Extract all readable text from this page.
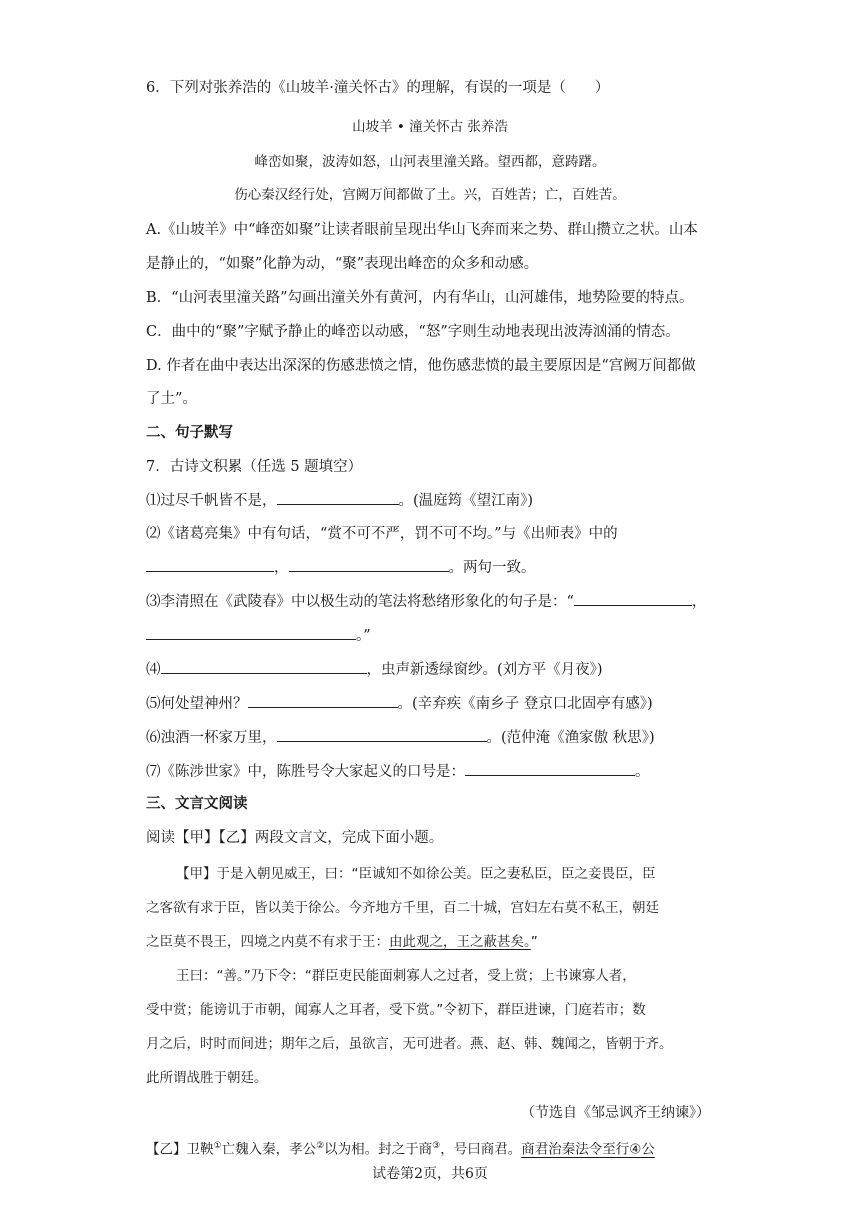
6．下列对张养浩的《山坡羊·潼关怀古》的理解，有误的一项是（　　）
山坡羊 • 潼关怀古 张养浩
峰峦如聚，波涛如怒，山河表里潼关路。望西都，意踌躇。
伤心秦汉经行处，宫阙万间都做了土。兴，百姓苦；亡，百姓苦。
A.《山坡羊》中“峰峦如聚”让读者眼前呈现出华山飞奔而来之势、群山攒立之状。山本
是静止的，“如聚”化静为动，“聚”表现出峰峦的众多和动感。
B．“山河表里潼关路”勾画出潼关外有黄河，内有华山，山河雄伟，地势险要的特点。
C．曲中的“聚”字赋予静止的峰峦以动感，“怒”字则生动地表现出波涛汹涌的情态。
D. 作者在曲中表达出深深的伤感悲愤之情，他伤感悲愤的最主要原因是“宫阙万间都做
了土”。
二、句子默写
7．古诗文积累（任选 5 题填空）
⑴过尽千帆皆不是，	。(温庭筠《望江南》)
⑵《诸葛亮集》中有句话，“赏不可不严，罚不可不均。”与《出师表》中的
，	。两句一致。
⑶李清照在《武陵春》中以极生动的笔法将愁绪形象化的句子是：“	，
。”
⑷	，虫声新透绿窗纱。(刘方平《月夜》)
⑸何处望神州？	。(辛弃疾《南乡子 登京口北固亭有感》)
⑹浊酒一杯家万里，	。(范仲淹《渔家傲 秋思》)
⑺《陈涉世家》中，陈胜号令大家起义的口号是：	。
三、文言文阅读
阅读【甲】【乙】两段文言文，完成下面小题。
【甲】于是入朝见威王，曰：“臣诚知不如徐公美。臣之妻私臣，臣之妾畏臣，臣
之客欲有求于臣，皆以美于徐公。今齐地方千里，百二十城，宫妇左右莫不私王，朝廷
之臣莫不畏王，四境之内莫不有求于王：由此观之，王之蔽甚矣。”
王曰：“善。”乃下令：“群臣吏民能面刺寡人之过者，受上赏；上书谏寡人者，
受中赏；能谤讥于市朝，闻寡人之耳者，受下赏。”令初下，群臣进谏，门庭若市；数
月之后，时时而间进；期年之后，虽欲言，无可进者。燕、赵、韩、魏闻之，皆朝于齐。
此所谓战胜于朝廷。
（节选自《邹忌讽齐王纳谏》）
【乙】卫鞅①亡魏入秦，孝公②以为相。封之于商③，号曰商君。商君治秦法令至行④公
试卷第2页，共6页
